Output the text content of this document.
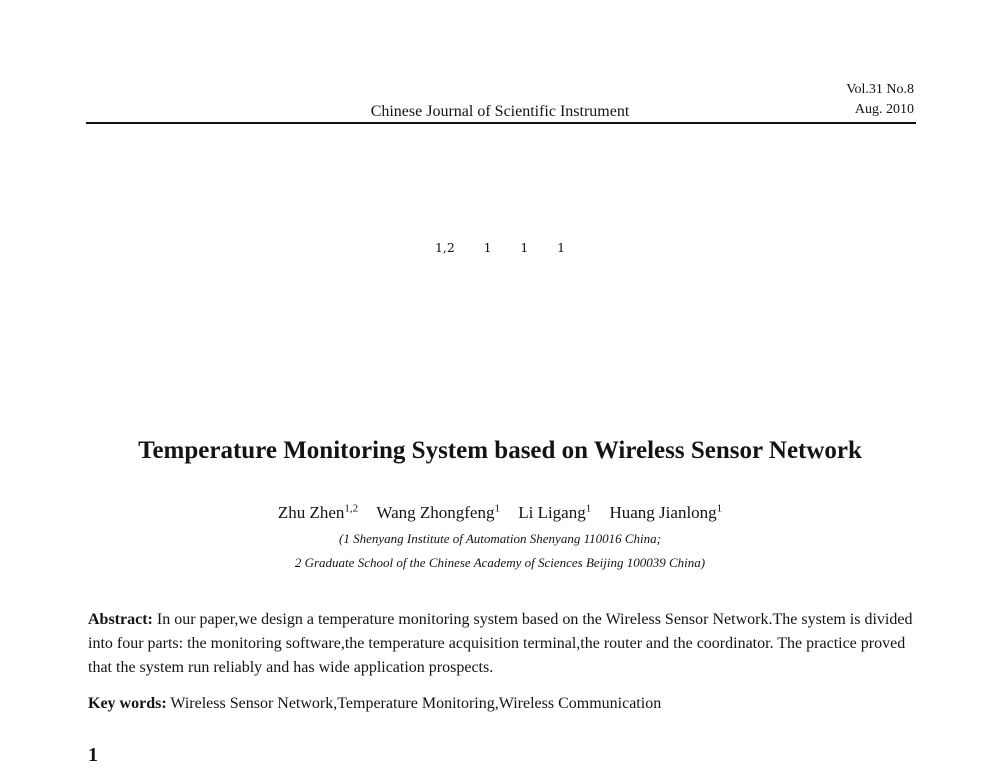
Chinese Journal of Scientific Instrument
Vol.31 No.8
Aug. 2010
$^{1,2}$ $^1$ $^1$ $^1$
Temperature Monitoring System based on Wireless Sensor Network
Zhu Zhen$^{1,2}$ Wang Zhongfeng$^1$ Li Ligang$^1$ Huang Jianlong$^1$
(1 Shenyang Institute of Automation Shenyang 110016 China;
2 Graduate School of the Chinese Academy of Sciences Beijing 100039 China)
Abstract: In our paper,we design a temperature monitoring system based on the Wireless Sensor Network.The system is divided into four parts: the monitoring software,the temperature acquisition terminal,the router and the coordinator. The practice proved that the system run reliably and has wide application prospects.
Key words: Wireless Sensor Network,Temperature Monitoring,Wireless Communication
1
